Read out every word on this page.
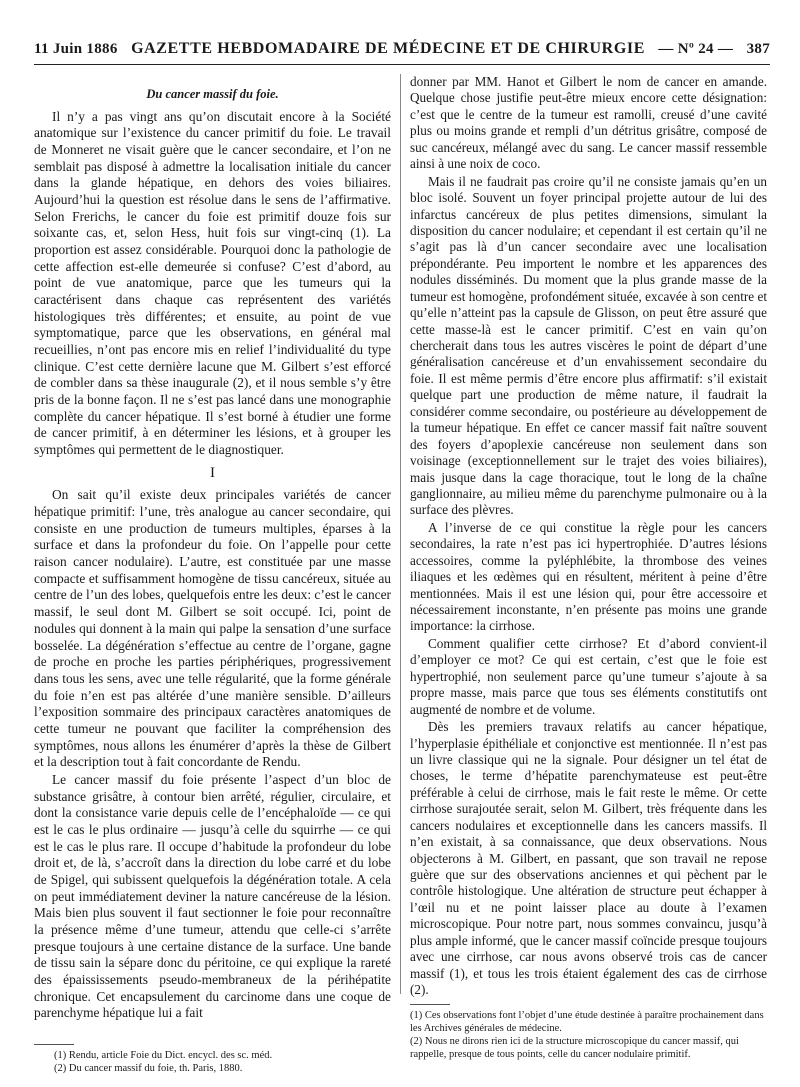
11 Juin 1886 GAZETTE HEBDOMADAIRE DE MÉDECINE ET DE CHIRURGIE — Nº 24 — 387
Du cancer massif du foie.

Il n’y a pas vingt ans qu’on discutait encore à la Société anatomique sur l’existence du cancer primitif du foie. Le travail de Monneret ne visait guère que le cancer secondaire, et l’on ne semblait pas disposé à admettre la localisation initiale du cancer dans la glande hépatique, en dehors des voies biliaires. Aujourd’hui la question est résolue dans le sens de l’affirmative. Selon Frerichs, le cancer du foie est primitif douze fois sur soixante cas, et, selon Hess, huit fois sur vingt-cinq (1). La proportion est assez considérable. Pourquoi donc la pathologie de cette affection est-elle demeurée si confuse? C’est d’abord, au point de vue anatomique, parce que les tumeurs qui la caractérisent dans chaque cas représentent des variétés histologiques très différentes; et ensuite, au point de vue symptomatique, parce que les observations, en général mal recueillies, n’ont pas encore mis en relief l’individualité du type clinique. C’est cette dernière lacune que M. Gilbert s’est efforcé de combler dans sa thèse inaugurale (2), et il nous semble s’y être pris de la bonne façon. Il ne s’est pas lancé dans une monographie complète du cancer hépatique. Il s’est borné à étudier une forme de cancer primitif, à en déterminer les lésions, et à grouper les symptômes qui permettent de le diagnostiquer.

I

On sait qu’il existe deux principales variétés de cancer hépatique primitif: l’une, très analogue au cancer secondaire, qui consiste en une production de tumeurs multiples, éparses à la surface et dans la profondeur du foie. On l’appelle pour cette raison cancer nodulaire). L’autre, est constituée par une masse compacte et suffisamment homogène de tissu cancéreux, située au centre de l’un des lobes, quelquefois entre les deux: c’est le cancer massif, le seul dont M. Gilbert se soit occupé. Ici, point de nodules qui donnent à la main qui palpe la sensation d’une surface bosselée. La dégénération s’effectue au centre de l’organe, gagne de proche en proche les parties périphériques, progressivement dans tous les sens, avec une telle régularité, que la forme générale du foie n’en est pas altérée d’une manière sensible. D’ailleurs l’exposition sommaire des principaux caractères anatomiques de cette tumeur ne pouvant que faciliter la compréhension des symptômes, nous allons les énumérer d’après la thèse de Gilbert et la description tout à fait concordante de Rendu.

Le cancer massif du foie présente l’aspect d’un bloc de substance grisâtre, à contour bien arrêté, régulier, circulaire, et dont la consistance varie depuis celle de l’encéphaloïde — ce qui est le cas le plus ordinaire — jusqu’à celle du squirrhe — ce qui est le cas le plus rare. Il occupe d’habitude la profondeur du lobe droit et, de là, s’accroît dans la direction du lobe carré et du lobe de Spigel, qui subissent quelquefois la dégénération totale. A cela on peut immédiatement deviner la nature cancéreuse de la lésion. Mais bien plus souvent il faut sectionner le foie pour reconnaître la présence même d’une tumeur, attendu que celle-ci s’arrête presque toujours à une certaine distance de la surface. Une bande de tissu sain la sépare donc du péritoine, ce qui explique la rareté des épaississements pseudo-membraneux de la périhépatite chronique. Cet encapsulement du carcinome dans une coque de parenchyme hépatique lui a fait

donner par MM. Hanot et Gilbert le nom de cancer en amande. Quelque chose justifie peut-être mieux encore cette désignation: c’est que le centre de la tumeur est ramolli, creusé d’une cavité plus ou moins grande et rempli d’un détritus grisâtre, composé de suc cancéreux, mélangé avec du sang. Le cancer massif ressemble ainsi à une noix de coco.

Mais il ne faudrait pas croire qu’il ne consiste jamais qu’en un bloc isolé. Souvent un foyer principal projette autour de lui des infarctus cancéreux de plus petites dimensions, simulant la disposition du cancer nodulaire; et cependant il est certain qu’il ne s’agit pas là d’un cancer secondaire avec une localisation prépondérante. Peu importent le nombre et les apparences des nodules disséminés. Du moment que la plus grande masse de la tumeur est homogène, profondément située, excavée à son centre et qu’elle n’atteint pas la capsule de Glisson, on peut être assuré que cette masse-là est le cancer primitif. C’est en vain qu’on chercherait dans tous les autres viscères le point de départ d’une généralisation cancéreuse et d’un envahissement secondaire du foie. Il est même permis d’être encore plus affirmatif: s’il existait quelque part une production de même nature, il faudrait la considérer comme secondaire, ou postérieure au développement de la tumeur hépatique. En effet ce cancer massif fait naître souvent des foyers d’apoplexie cancéreuse non seulement dans son voisinage (exceptionnellement sur le trajet des voies biliaires), mais jusque dans la cage thoracique, tout le long de la chaîne ganglionnaire, au milieu même du parenchyme pulmonaire ou à la surface des plèvres.

A l’inverse de ce qui constitue la règle pour les cancers secondaires, la rate n’est pas ici hypertrophiée. D’autres lésions accessoires, comme la pyléphlébite, la thrombose des veines iliaques et les œdèmes qui en résultent, méritent à peine d’être mentionnées. Mais il est une lésion qui, pour être accessoire et nécessairement inconstante, n’en présente pas moins une grande importance: la cirrhose.

Comment qualifier cette cirrhose? Et d’abord convient-il d’employer ce mot? Ce qui est certain, c’est que le foie est hypertrophié, non seulement parce qu’une tumeur s’ajoute à sa propre masse, mais parce que tous ses éléments constitutifs ont augmenté de nombre et de volume.

Dès les premiers travaux relatifs au cancer hépatique, l’hyperplasie épithéliale et conjonctive est mentionnée. Il n’est pas un livre classique qui ne la signale. Pour désigner un tel état de choses, le terme d’hépatite parenchymateuse est peut-être préférable à celui de cirrhose, mais le fait reste le même. Or cette cirrhose surajoutée serait, selon M. Gilbert, très fréquente dans les cancers nodulaires et exceptionnelle dans les cancers massifs. Il n’en existait, à sa connaissance, que deux observations. Nous objecterons à M. Gilbert, en passant, que son travail ne repose guère que sur des observations anciennes et qui pèchent par le contrôle histologique. Une altération de structure peut échapper à l’œil nu et ne point laisser place au doute à l’examen microscopique. Pour notre part, nous sommes convaincu, jusqu’à plus ample informé, que le cancer massif coïncide presque toujours avec une cirrhose, car nous avons observé trois cas de cancer massif (1), et tous les trois étaient également des cas de cirrhose (2).

(1) Rendu, article Foie du Dict. encycl. des sc. méd.

(2) Du cancer massif du foie, th. Paris, 1880.

(1) Ces observations font l’objet d’une étude destinée à paraître prochainement dans les Archives générales de médecine.

(2) Nous ne dirons rien ici de la structure microscopique du cancer massif, qui rappelle, presque de tous points, celle du cancer nodulaire primitif.
